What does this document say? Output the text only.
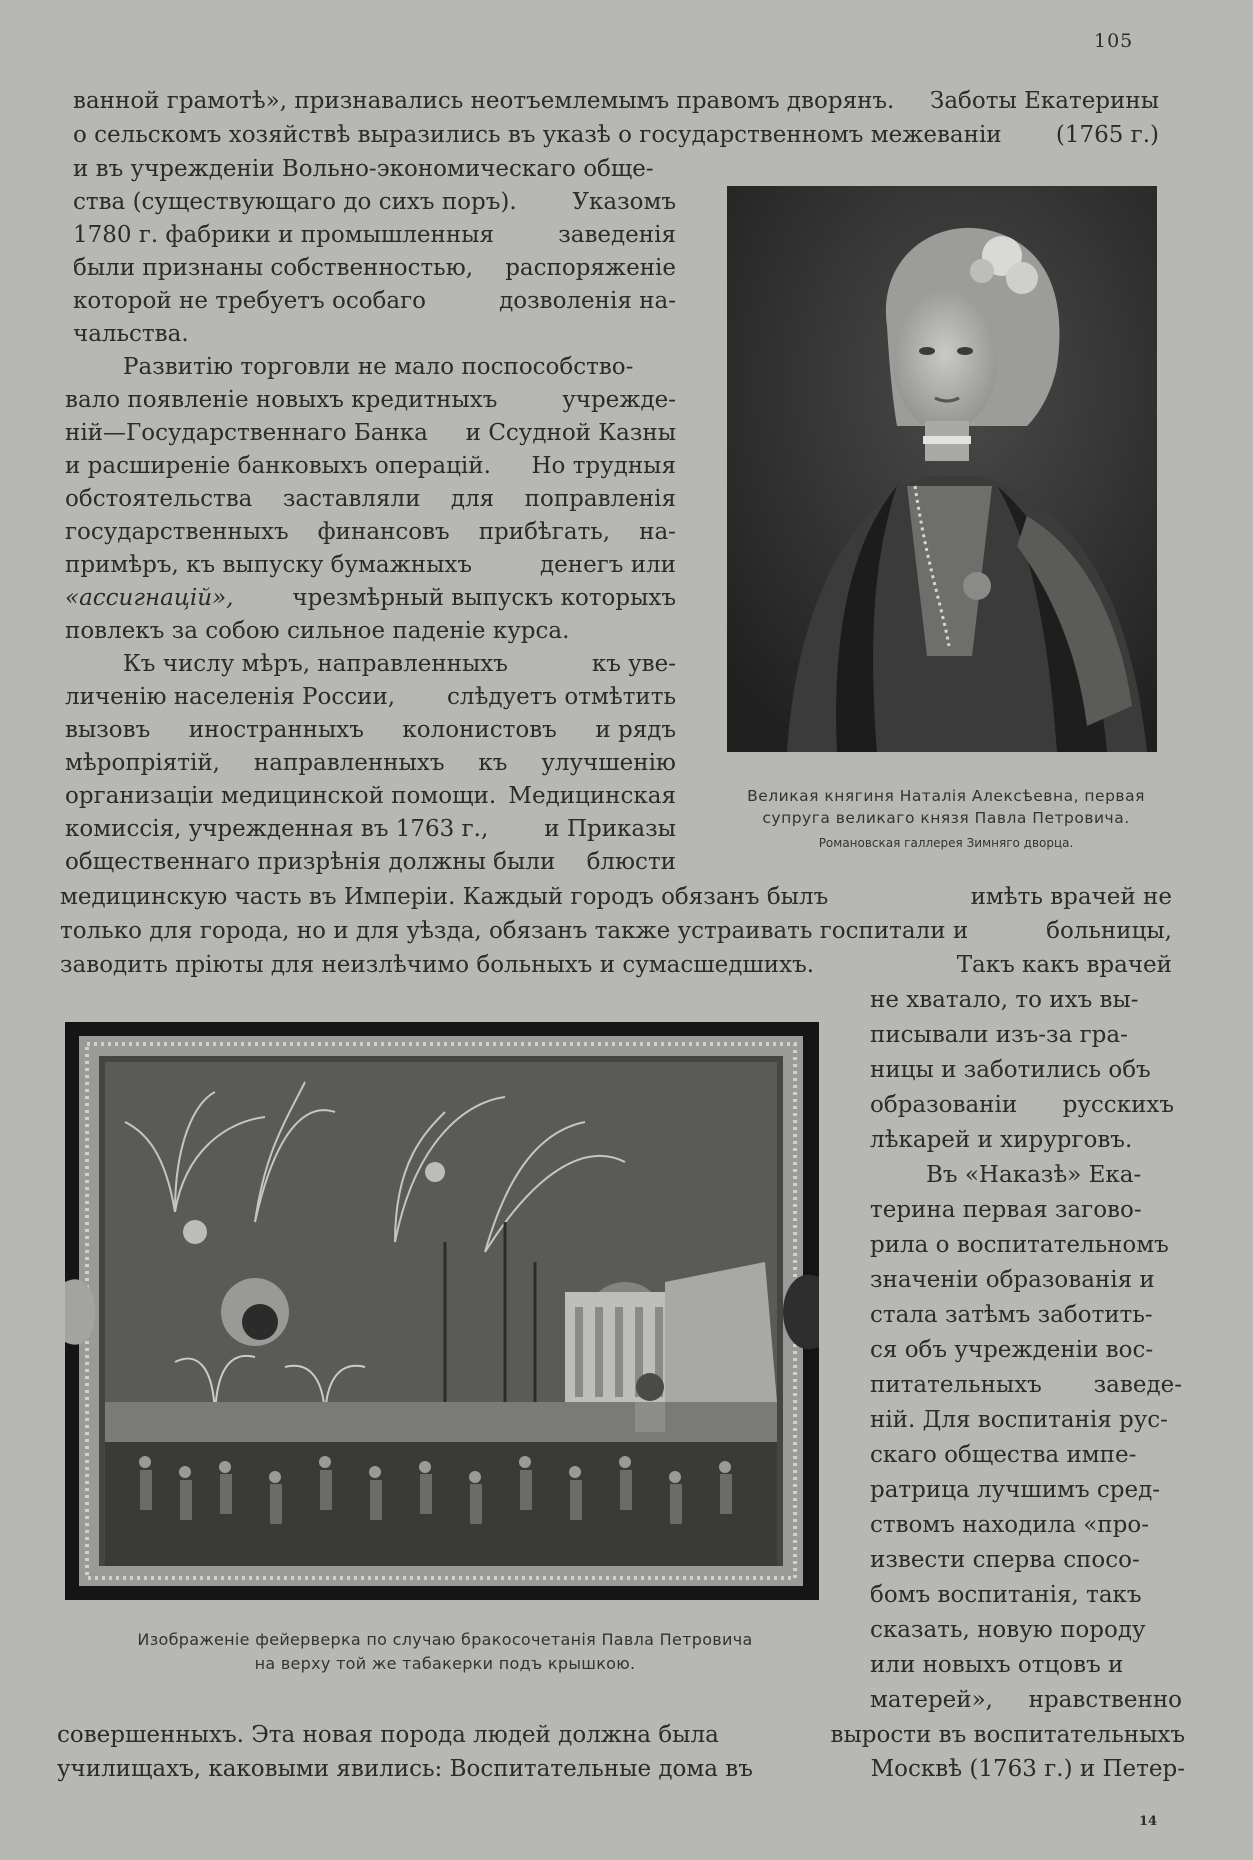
105
ванной грамотѣ», признавались неотъемлемымъ правомъ дворянъ. Заботы Екатерины
о сельскомъ хозяйствѣ выразились въ указѣ о государственномъ межеваніи (1765 г.)
и въ учрежденіи Вольно-экономическаго обще-
ства (существующаго до сихъ поръ). Указомъ
1780 г. фабрики и промышленныя	заведенія
были признаны собственностью, распоряженіе
которой не требуетъ особаго	дозволенія на-
чальства.
Развитію торговли не мало поспособство-
вало появленіе новыхъ кредитныхъ	учрежде-
ній—Государственнаго Банка и Ссудной Казны
и расширеніе банковыхъ операцій. Но трудныя
обстоятельства заставляли для поправленія
государственныхъ финансовъ прибѣгать, на-
примѣръ, къ выпуску бумажныхъ	денегъ или
«ассигнацій»,	чрезмѣрный выпускъ которыхъ
повлекъ за собою сильное паденіе курса.
Къ числу мѣръ, направленныхъ	къ уве-
личенію населенія России, слѣдуетъ отмѣтить
вызовъ иностранныхъ колонистовъ и рядъ
мѣропріятій, направленныхъ къ улучшенію
организаціи медицинской помощи. Медицинская
комиссія, учрежденная въ 1763 г., и Приказы
общественнаго призрѣнія должны были блюсти
медицинскую часть въ Имперіи. Каждый городъ обязанъ былъ	имѣть врачей не
только для города, но и для уѣзда, обязанъ также устраивать госпитали и	больницы,
заводить пріюты для неизлѣчимо больныхъ и сумасшедшихъ.	Такъ какъ врачей
не хватало, то ихъ вы-
писывали изъ-за гра-
ницы и заботились объ
образованіи русскихъ
лѣкарей и хирурговъ.
Въ «Наказѣ» Ека-
терина первая загово-
рила о воспитательномъ
значеніи образованія и
стала затѣмъ заботить-
ся объ учрежденіи вос-
питательныхъ заведе-
ній. Для воспитанія рус-
скаго общества импе-
ратрица лучшимъ сред-
ствомъ находила «про-
извести сперва спосо-
бомъ воспитанія, такъ
сказать, новую породу
или новыхъ отцовъ и
матерей», нравственно
совершенныхъ. Эта новая порода людей должна была	вырости въ воспитательныхъ
училищахъ, каковыми явились: Воспитательные дома въ	Москвѣ (1763 г.) и Петер-
Великая княгиня Наталія Алексѣевна, первая
супруга великаго князя Павла Петровича.
Романовская галлерея Зимняго дворца.
Изображеніе фейерверка по случаю бракосочетанія Павла Петровича
на верху той же табакерки подъ крышкою.
14
